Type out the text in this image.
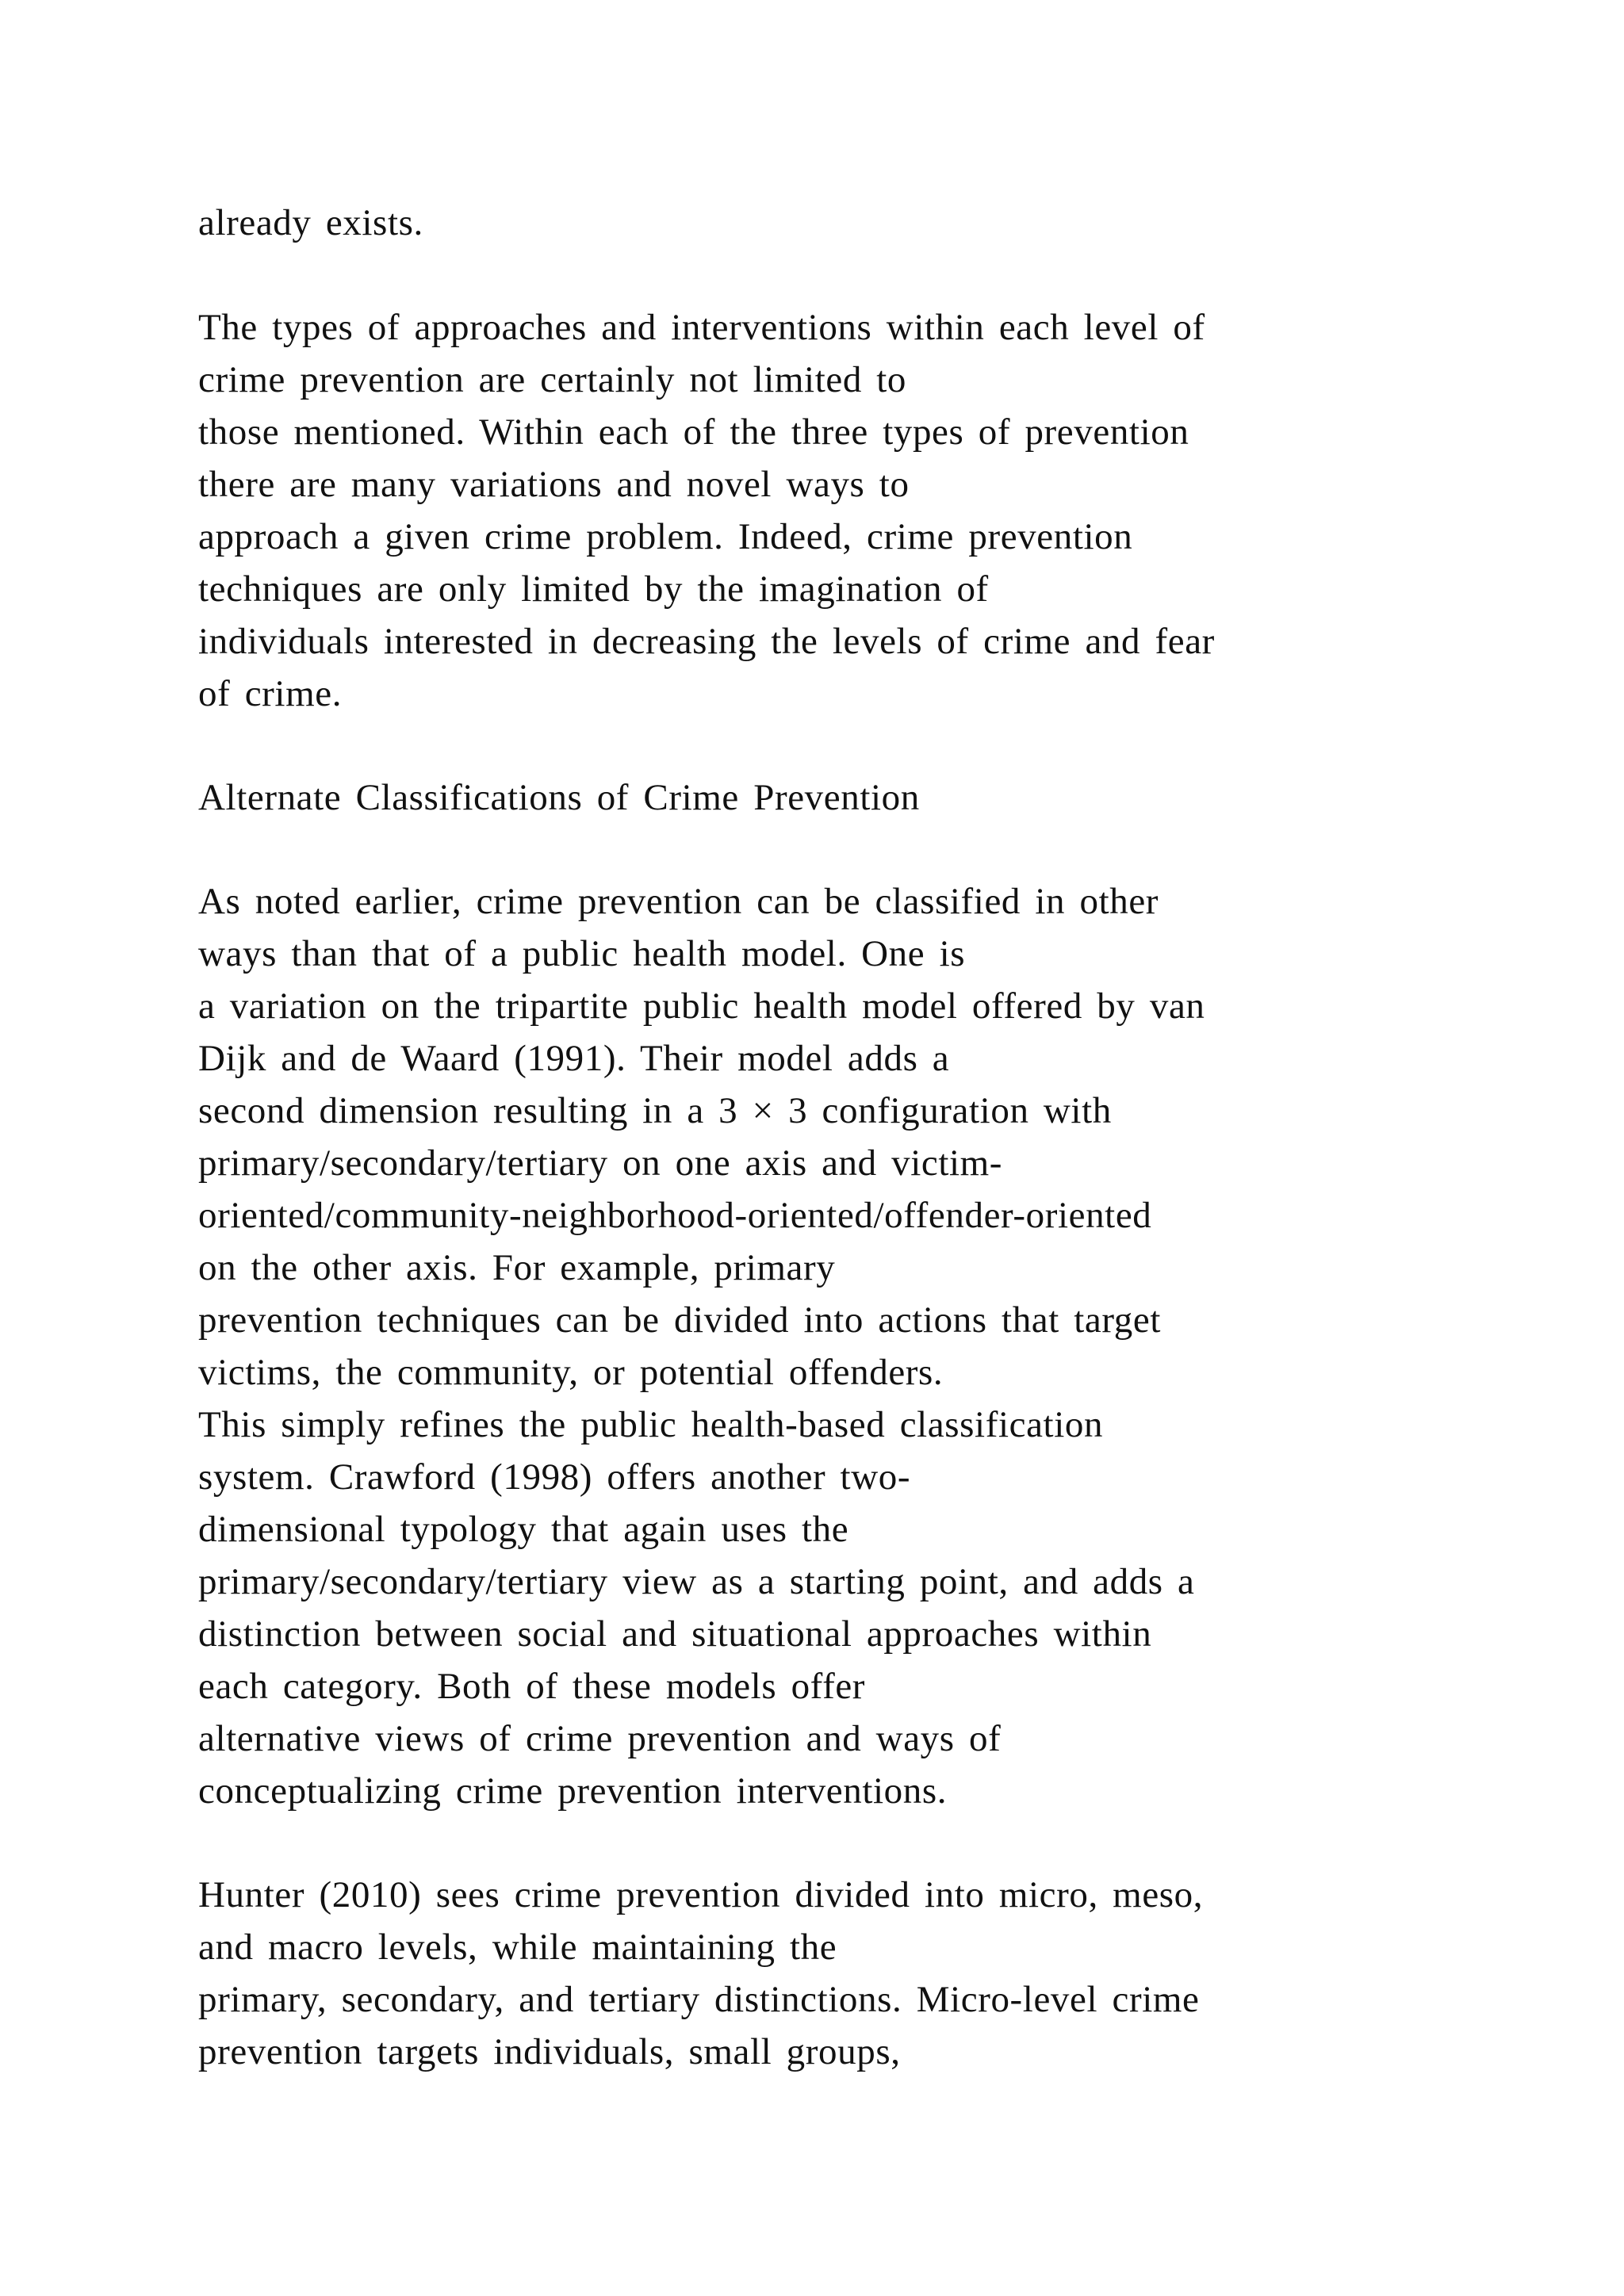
already exists.

The types of approaches and interventions within each level of

crime prevention are certainly not limited to

those mentioned. Within each of the three types of prevention

there are many variations and novel ways to

approach a given crime problem. Indeed, crime prevention

techniques are only limited by the imagination of

individuals interested in decreasing the levels of crime and fear

of crime.

Alternate Classifications of Crime Prevention

As noted earlier, crime prevention can be classified in other

ways than that of a public health model. One is

a variation on the tripartite public health model offered by van

Dijk and de Waard (1991). Their model adds a

second dimension resulting in a 3 × 3 configuration with

primary/secondary/tertiary on one axis and victim-

oriented/community-neighborhood-oriented/offender-oriented

on the other axis. For example, primary

prevention techniques can be divided into actions that target

victims, the community, or potential offenders.

This simply refines the public health-based classification

system. Crawford (1998) offers another two-

dimensional typology that again uses the

primary/secondary/tertiary view as a starting point, and adds a

distinction between social and situational approaches within

each category. Both of these models offer

alternative views of crime prevention and ways of

conceptualizing crime prevention interventions.

Hunter (2010) sees crime prevention divided into micro, meso,

and macro levels, while maintaining the

primary, secondary, and tertiary distinctions. Micro-level crime

prevention targets individuals, small groups,
